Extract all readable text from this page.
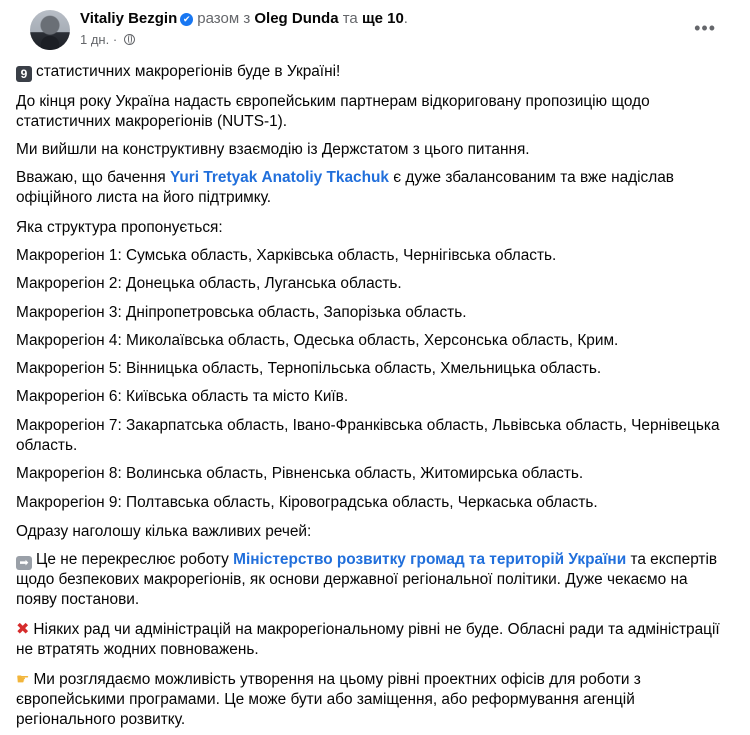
Vitaliy Bezgin ✔ разом з Oleg Dunda та ще 10.
1 дн. ·
•••

9 статистичних макрорегіонів буде в Україні!

До кінця року Україна надасть європейським партнерам відкориговану пропозицію щодо статистичних макрорегіонів (NUTS-1).

Ми вийшли на конструктивну взаємодію із Держстатом з цього питання.

Вважаю, що бачення Yuri Tretyak Anatoliy Tkachuk є дуже збалансованим та вже надіслав офіційного листа на його підтримку.

Яка структура пропонується:

Макрорегіон 1: Сумська область, Харківська область, Чернігівська область.

Макрорегіон 2: Донецька область, Луганська область.

Макрорегіон 3: Дніпропетровська область, Запорізька область.

Макрорегіон 4: Миколаївська область, Одеська область, Херсонська область, Крим.

Макрорегіон 5: Вінницька область, Тернопільська область, Хмельницька область.

Макрорегіон 6: Київська область та місто Київ.

Макрорегіон 7: Закарпатська область, Івано-Франківська область, Львівська область, Чернівецька область.

Макрорегіон 8: Волинська область, Рівненська область, Житомирська область.

Макрорегіон 9: Полтавська область, Кіровоградська область, Черкаська область.

Одразу наголошу кілька важливих речей:

➡ Це не перекреслює роботу Міністерство розвитку громад та територій України та експертів щодо безпекових макрорегіонів, як основи державної регіональної політики. Дуже чекаємо на появу постанови.

✖ Ніяких рад чи адміністрацій на макрорегіональному рівні не буде. Обласні ради та адміністрації не втратять жодних повноважень.

☛ Ми розглядаємо можливість утворення на цьому рівні проектних офісів для роботи з європейськими програмами. Це може бути або заміщення, або реформування агенцій регіонального розвитку.
